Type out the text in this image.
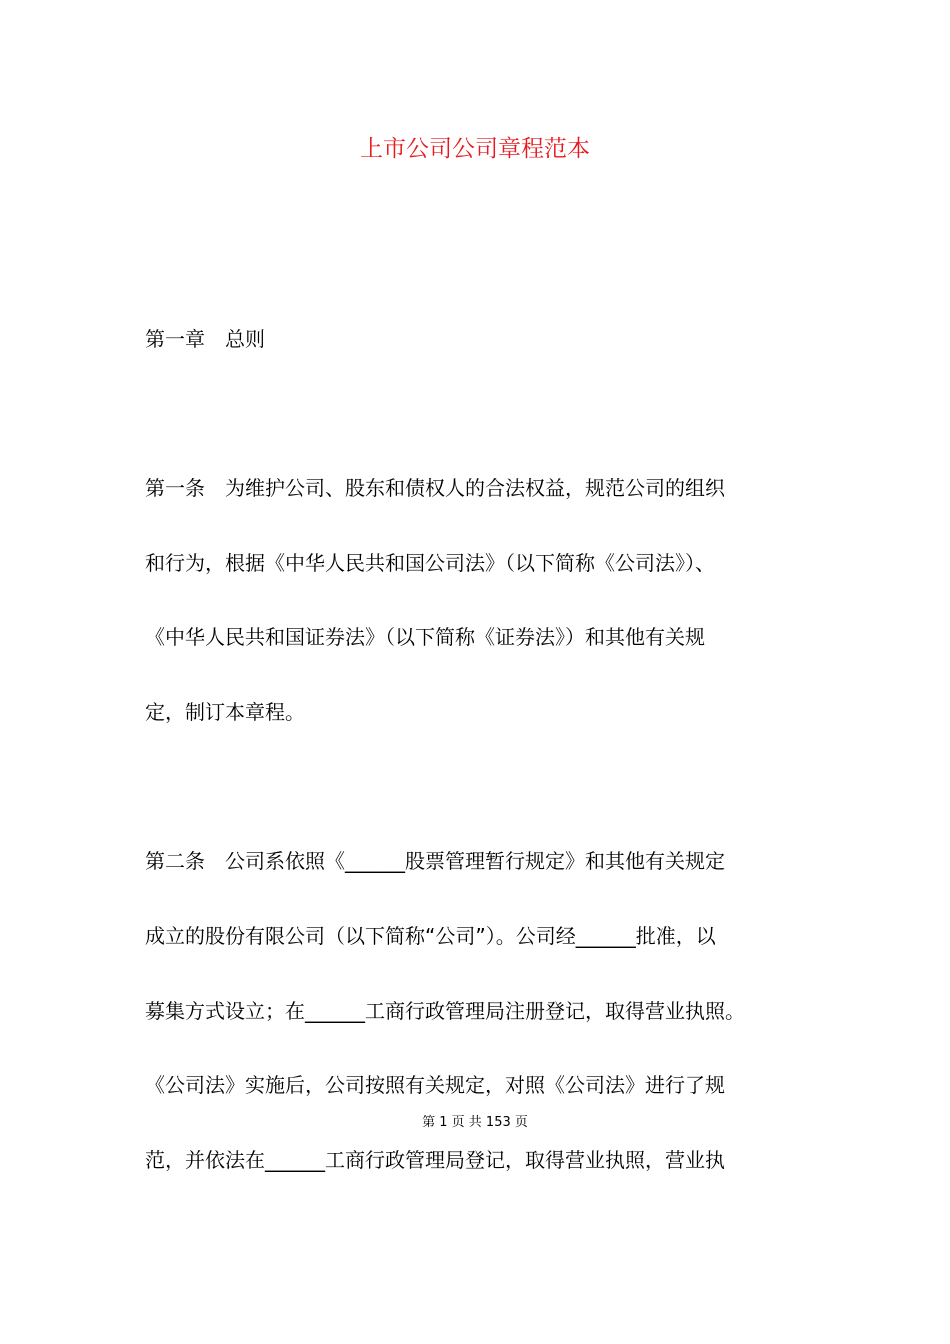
上市公司公司章程范本
第一章　总则
第一条　为维护公司、股东和债权人的合法权益，规范公司的组织
和行为，根据《中华人民共和国公司法》（以下简称《公司法》）、
《中华人民共和国证券法》（以下简称《证券法》）和其他有关规
定，制订本章程。
第二条　公司系依照《______股票管理暂行规定》和其他有关规定
成立的股份有限公司（以下简称“公司”）。公司经______批准，以
募集方式设立；在______工商行政管理局注册登记，取得营业执照。
《公司法》实施后，公司按照有关规定，对照《公司法》进行了规
范，并依法在______工商行政管理局登记，取得营业执照，营业执
第 1 页 共 153 页
